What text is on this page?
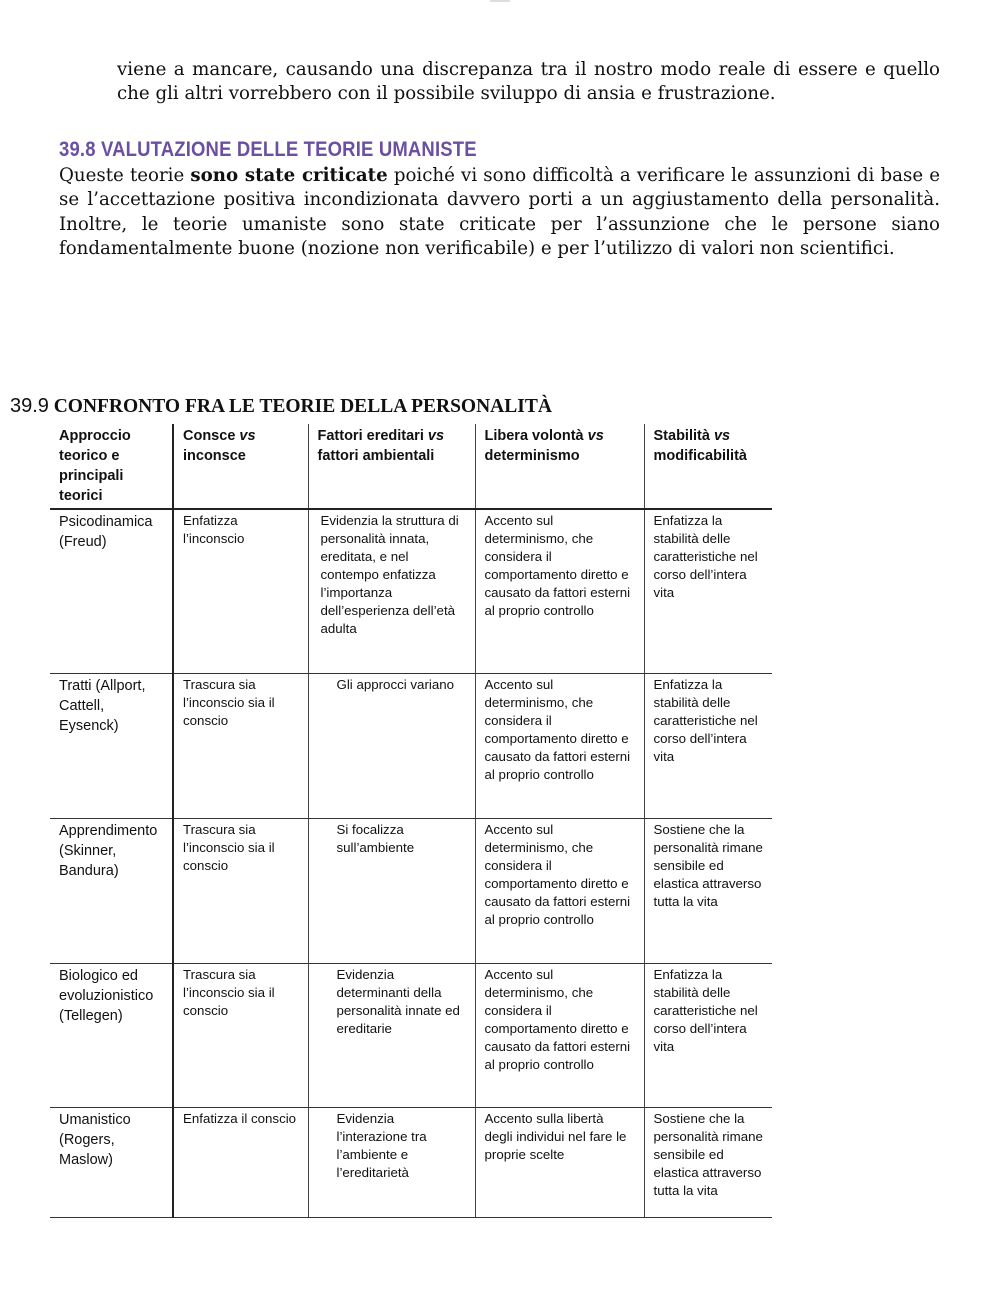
viene a mancare, causando una discrepanza tra il nostro modo reale di essere e quello che gli altri vorrebbero con il possibile sviluppo di ansia e frustrazione.

39.8 VALUTAZIONE DELLE TEORIE UMANISTE

Queste teorie sono state criticate poiché vi sono difficoltà a verificare le assunzioni di base e se l’accettazione positiva incondizionata davvero porti a un aggiustamento della personalità. Inoltre, le teorie umaniste sono state criticate per l’assunzione che le persone siano fondamentalmente buone (nozione non verificabile) e per l’utilizzo di valori non scientifici.

39.9 CONFRONTO FRA LE TEORIE DELLA PERSONALITÀ
Approccio teorico e principali teorici	Consce vs inconsce	Fattori ereditari vs fattori ambientali	Libera volontà vs determinismo	Stabilità vs modificabilità
Psicodinamica (Freud)	Enfatizza l’inconscio	Evidenzia la struttura di personalità innata, ereditata, e nel contempo enfatizza l’importanza dell’esperienza dell’età adulta	Accento sul determinismo, che considera il comportamento diretto e causato da fattori esterni al proprio controllo	Enfatizza la stabilità delle caratteristiche nel corso dell’intera vita
Tratti (Allport, Cattell, Eysenck)	Trascura sia l’inconscio sia il conscio	Gli approcci variano	Accento sul determinismo, che considera il comportamento diretto e causato da fattori esterni al proprio controllo	Enfatizza la stabilità delle caratteristiche nel corso dell’intera vita
Apprendimento (Skinner, Bandura)	Trascura sia l’inconscio sia il conscio	Si focalizza sull’ambiente	Accento sul determinismo, che considera il comportamento diretto e causato da fattori esterni al proprio controllo	Sostiene che la personalità rimane sensibile ed elastica attraverso tutta la vita
Biologico ed evoluzionistico (Tellegen)	Trascura sia l’inconscio sia il conscio	Evidenzia determinanti della personalità innate ed ereditarie	Accento sul determinismo, che considera il comportamento diretto e causato da fattori esterni al proprio controllo	Enfatizza la stabilità delle caratteristiche nel corso dell’intera vita
Umanistico (Rogers, Maslow)	Enfatizza il conscio	Evidenzia l’interazione tra l’ambiente e l’ereditarietà	Accento sulla libertà degli individui nel fare le proprie scelte	Sostiene che la personalità rimane sensibile ed elastica attraverso tutta la vita
